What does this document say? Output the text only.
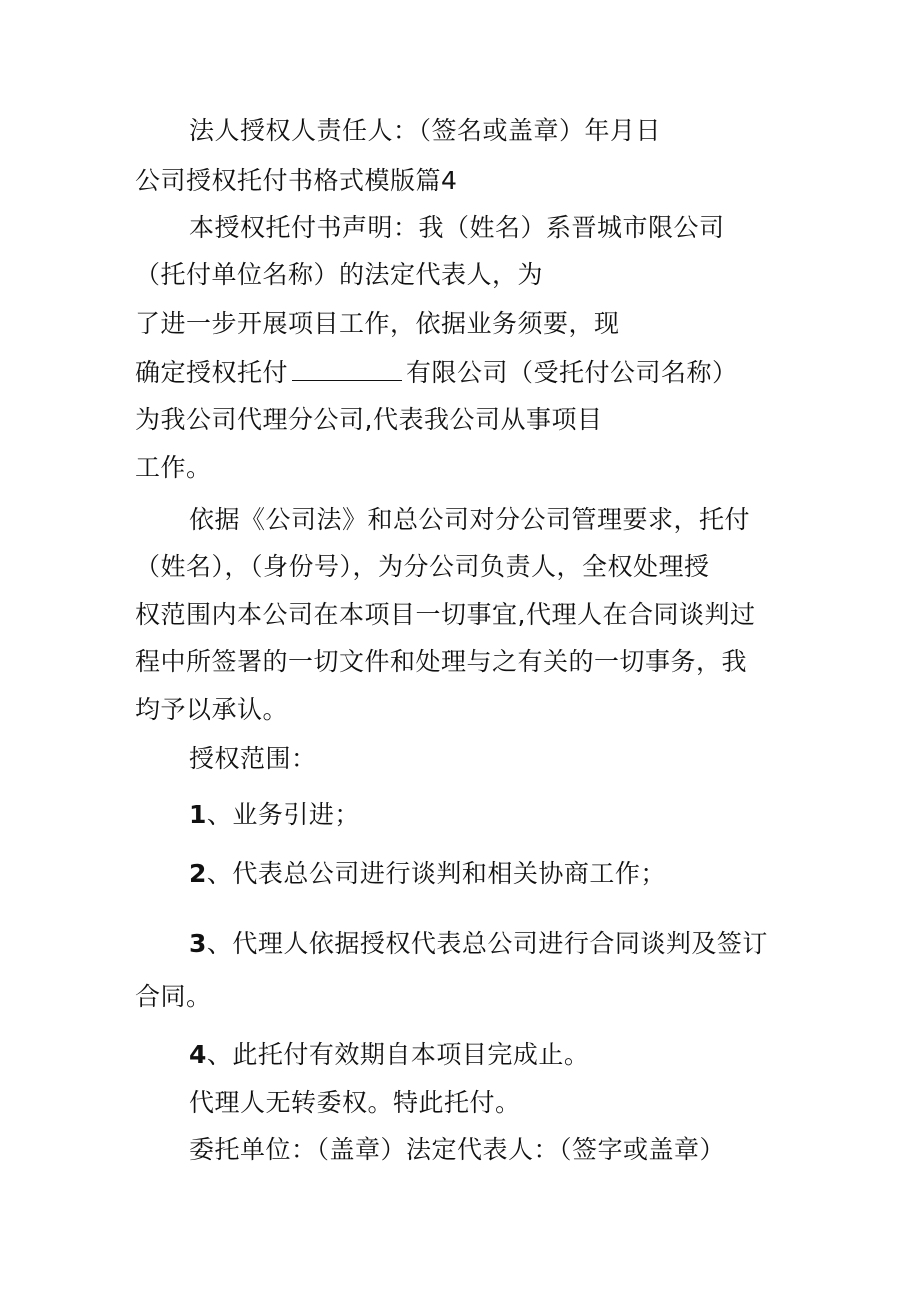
法人授权人责任人：（签名或盖章）年月日
公司授权托付书格式模版篇4
本授权托付书声明：我（姓名）系晋城市限公司
（托付单位名称）的法定代表人，为
了进一步开展项目工作，依据业务须要，现
确定授权托付	有限公司（受托付公司名称）
为我公司代理分公司,代表我公司从事项目
工作。
依据《公司法》和总公司对分公司管理要求，托付
（姓名），（身份号），为分公司负责人，全权处理授
权范围内本公司在本项目一切事宜,代理人在合同谈判过
程中所签署的一切文件和处理与之有关的一切事务，我
均予以承认。
授权范围：
1、业务引进；
2、代表总公司进行谈判和相关协商工作；
3、代理人依据授权代表总公司进行合同谈判及签订
合同。
4、此托付有效期自本项目完成止。
代理人无转委权。特此托付。
委托单位：（盖章）法定代表人：（签字或盖章）
